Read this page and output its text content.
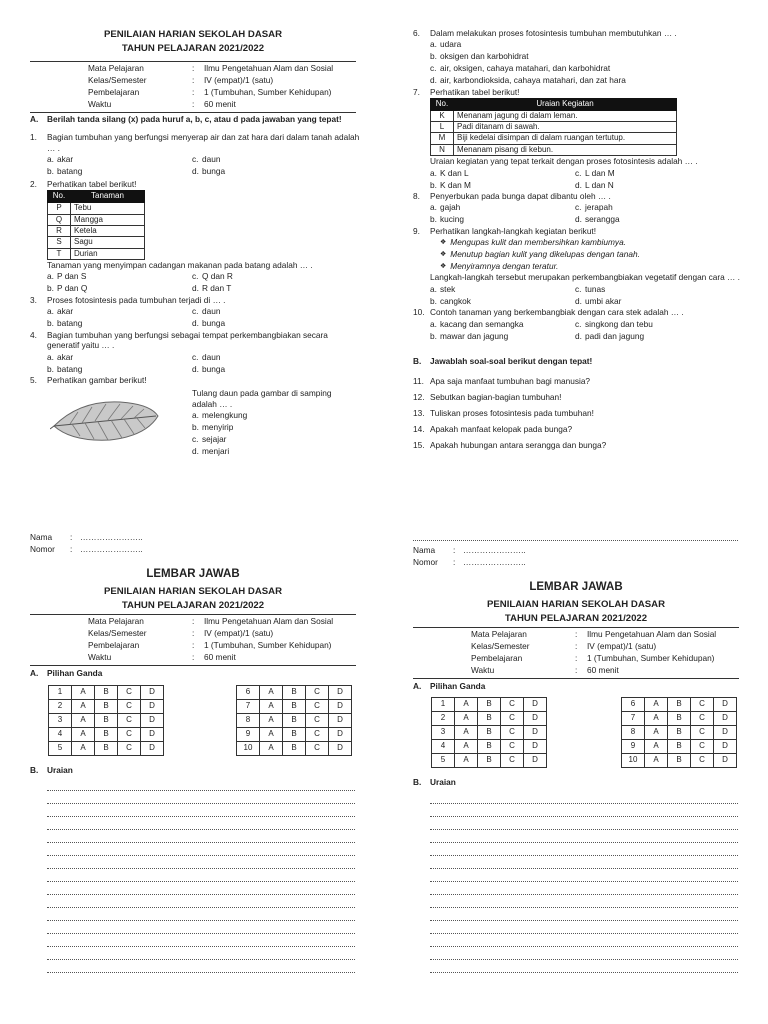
PENILAIAN HARIAN SEKOLAH DASAR
TAHUN PELAJARAN 2021/2022
Mata Pelajaran	:	Ilmu Pengetahuan Alam dan Sosial
Kelas/Semester	:	IV (empat)/1 (satu)
Pembelajaran	:	1 (Tumbuhan, Sumber Kehidupan)
Waktu	:	60 menit
A.	Berilah tanda silang (x) pada huruf a, b, c, atau d pada jawaban yang tepat!
1.	Bagian tumbuhan yang berfungsi menyerap air dan zat hara dari dalam tanah adalah … .
a. akar	c. daun
b. batang	d. bunga
2.	Perhatikan tabel berikut!
No.	Tanaman
P	Tebu
Q	Mangga
R	Ketela
S	Sagu
T	Durian
Tanaman yang menyimpan cadangan makanan pada batang adalah … .
a. P dan S	c. Q dan R
b. P dan Q	d. R dan T
3.	Proses fotosintesis pada tumbuhan terjadi di … .
a. akar	c. daun
b. batang	d. bunga
4.	Bagian tumbuhan yang berfungsi sebagai tempat perkembangbiakan secara generatif yaitu … .
a. akar	c. daun
b. batang	d. bunga
5.	Perhatikan gambar berikut!
Tulang daun pada gambar di samping adalah … .
a. melengkung
b. menyirip
c. sejajar
d. menjari
6.	Dalam melakukan proses fotosintesis tumbuhan membutuhkan … .
a. udara
b. oksigen dan karbohidrat
c. air, oksigen, cahaya matahari, dan karbohidrat
d. air, karbondioksida, cahaya matahari, dan zat hara
7.	Perhatikan tabel berikut!
No.	Uraian Kegiatan
K	Menanam jagung di dalam leman.
L	Padi ditanam di sawah.
M	Biji kedelai disimpan di dalam ruangan tertutup.
N	Menanam pisang di kebun.
Uraian kegiatan yang tepat terkait dengan proses fotosintesis adalah … .
a. K dan L	c. L dan M
b. K dan M	d. L dan N
8.	Penyerbukan pada bunga dapat dibantu oleh … .
a. gajah	c. jerapah
b. kucing	d. serangga
9.	Perhatikan langkah-langkah kegiatan berikut!
❖ Mengupas kulit dan membersihkan kambiumya.
❖ Menutup bagian kulit yang dikelupas dengan tanah.
❖ Menyiramnya dengan teratur.
Langkah-langkah tersebut merupakan perkembangbiakan vegetatif dengan cara … .
a. stek	c. tunas
b. cangkok	d. umbi akar
10. Contoh tanaman yang berkembangbiak dengan cara stek adalah … .
a. kacang dan semangka	c. singkong dan tebu
b. mawar dan jagung	d. padi dan jagung
B.	Jawablah soal-soal berikut dengan tepat!
11. Apa saja manfaat tumbuhan bagi manusia?
12. Sebutkan bagian-bagian tumbuhan!
13. Tuliskan proses fotosintesis pada tumbuhan!
14. Apakah manfaat kelopak pada bunga?
15. Apakah hubungan antara serangga dan bunga?
Nama	: …………………..
Nomor	: …………………..
LEMBAR JAWAB
PENILAIAN HARIAN SEKOLAH DASAR
TAHUN PELAJARAN 2021/2022
Mata Pelajaran	:	Ilmu Pengetahuan Alam dan Sosial
Kelas/Semester	:	IV (empat)/1 (satu)
Pembelajaran	:	1 (Tumbuhan, Sumber Kehidupan)
Waktu	:	60 menit
A.	Pilihan Ganda
1	A	B	C	D
2	A	B	C	D
3	A	B	C	D
4	A	B	C	D
5	A	B	C	D
6	A	B	C	D
7	A	B	C	D
8	A	B	C	D
9	A	B	C	D
10	A	B	C	D
B.	Uraian
Nama	: …………………..
Nomor	: …………………..
LEMBAR JAWAB
PENILAIAN HARIAN SEKOLAH DASAR
TAHUN PELAJARAN 2021/2022
Mata Pelajaran	:	Ilmu Pengetahuan Alam dan Sosial
Kelas/Semester	:	IV (empat)/1 (satu)
Pembelajaran	:	1 (Tumbuhan, Sumber Kehidupan)
Waktu	:	60 menit
A.	Pilihan Ganda
1	A	B	C	D
2	A	B	C	D
3	A	B	C	D
4	A	B	C	D
5	A	B	C	D
6	A	B	C	D
7	A	B	C	D
8	A	B	C	D
9	A	B	C	D
10	A	B	C	D
B.	Uraian
